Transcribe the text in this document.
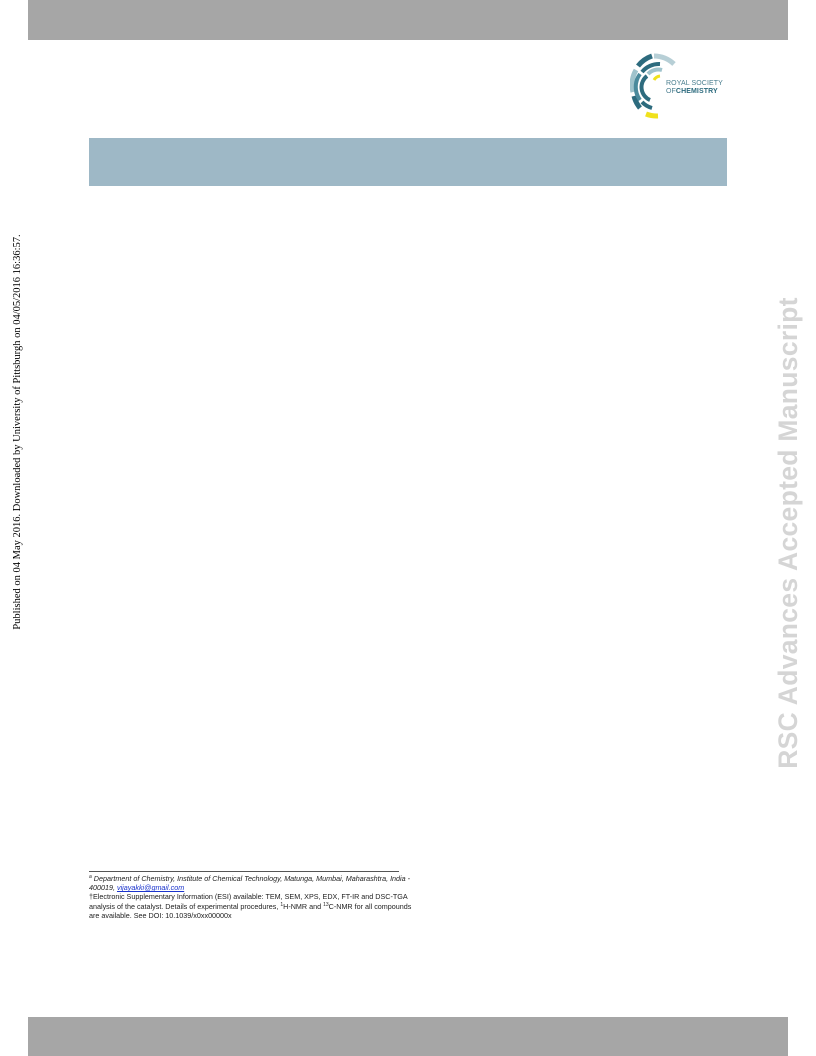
ROYAL SOCIETY
OFCHEMISTRY
Published on 04 May 2016. Downloaded by University of Pittsburgh on 04/05/2016 16:36:57.	RSC Advances Accepted Manuscript

$^a$ Department of Chemistry, Institute of Chemical Technology, Matunga, Mumbai, Maharashtra, India - 400019, vijayakki@gmail.com

†Electronic Supplementary Information (ESI) available: TEM, SEM, XPS, EDX, FT-IR and DSC-TGA analysis of the catalyst. Details of experimental procedures, $^1$H-NMR and $^{13}$C-NMR for all compounds are available. See DOI: 10.1039/x0xx00000x
